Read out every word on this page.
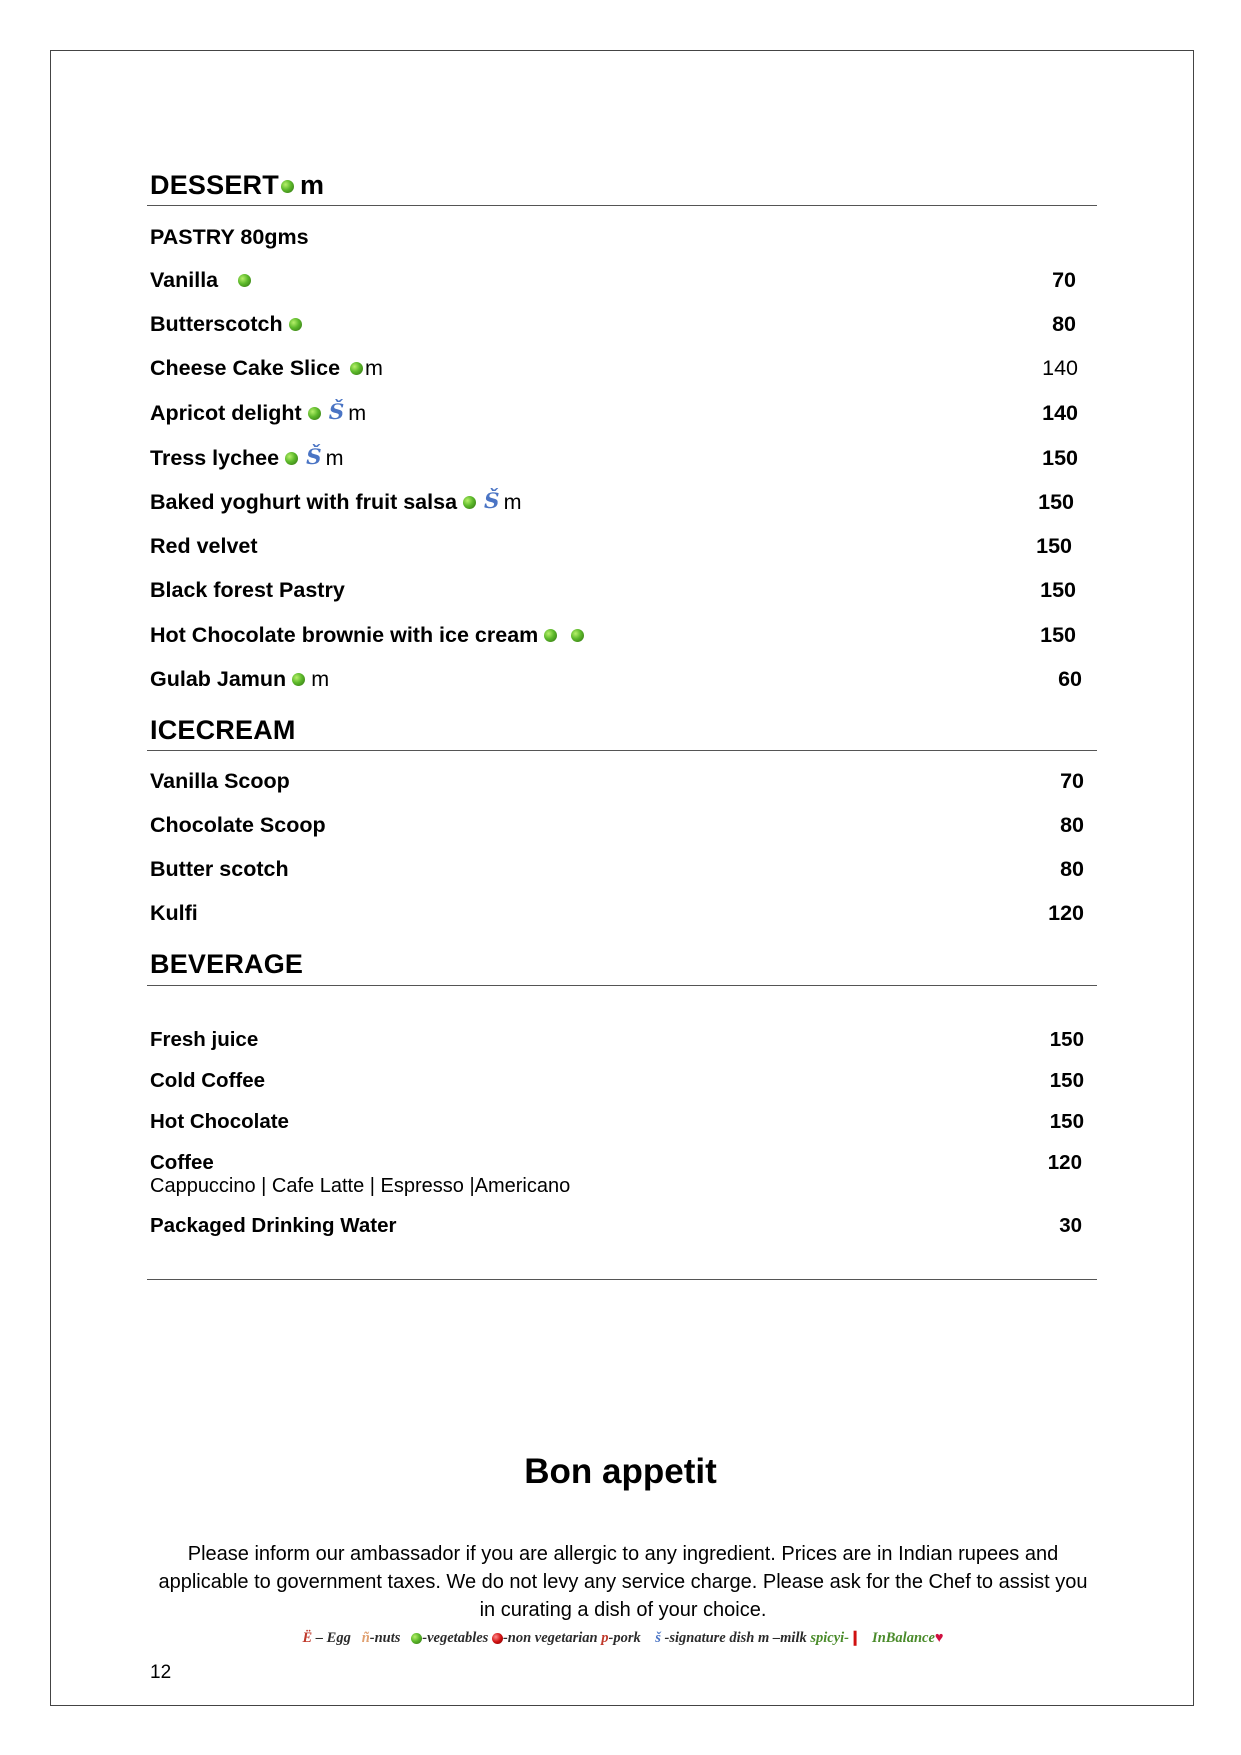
DESSERT m
PASTRY 80gms
Vanilla	70
Butterscotch	80
Cheese Cake Slice m	140
Apricot delight Š m	140
Tress lychee Š m	150
Baked yoghurt with fruit salsa Š m	150
Red velvet	150
Black forest Pastry	150
Hot Chocolate brownie with ice cream	150
Gulab Jamun m	60
ICECREAM
Vanilla Scoop	70
Chocolate Scoop	80
Butter scotch	80
Kulfi	120
BEVERAGE
Fresh juice	150
Cold Coffee	150
Hot Chocolate	150
Coffee	120
Cappuccino | Cafe Latte | Espresso |Americano
Packaged Drinking Water	30
Bon appetit
Please inform our ambassador if you are allergic to any ingredient. Prices are in Indian rupees and applicable to government taxes. We do not levy any service charge. Please ask for the Chef to assist you in curating a dish of your choice.
Ë – Egg ñ-nuts -vegetables -non vegetarian p-pork š -signature dish m –milk spicyi-❙ InBalance♥
12
